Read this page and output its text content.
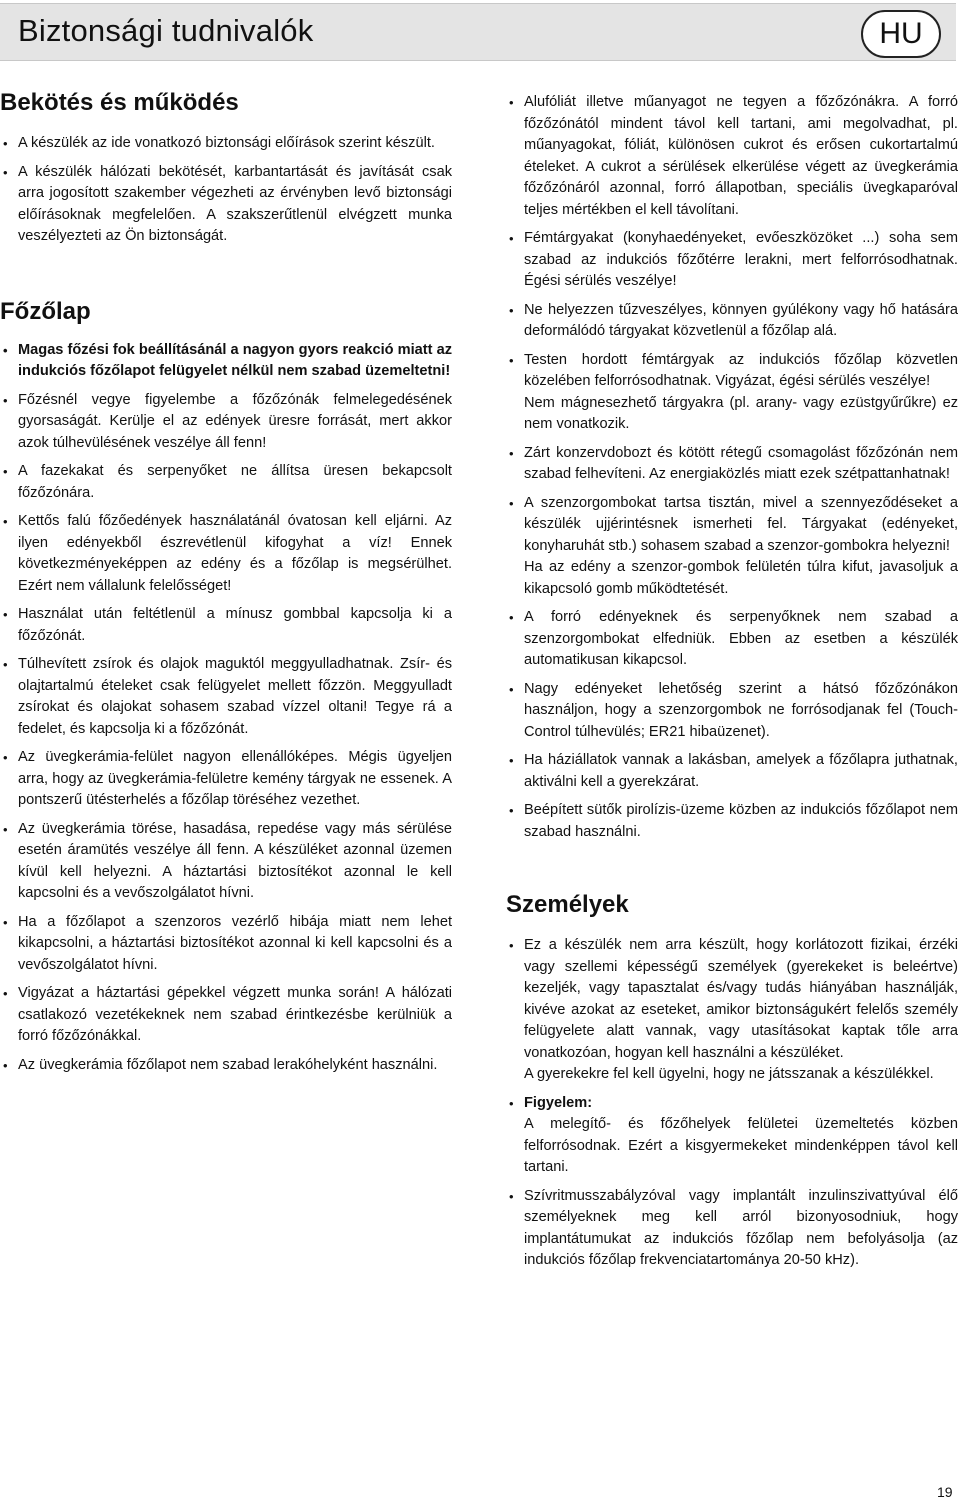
Biztonsági tudnivalók	HU
Bekötés és működés
• A készülék az ide vonatkozó biztonsági előírások szerint készült.
• A készülék hálózati bekötését, karbantartását és javítását csak arra jogosított szakember végezheti az érvényben levő biztonsági előírásoknak megfelelően. A szakszerűtlenül elvégzett munka veszélyezteti az Ön biztonságát.
Főzőlap
• Magas főzési fok beállításánál a nagyon gyors reakció miatt az indukciós főzőlapot felügyelet nélkül nem szabad üzemeltetni!
• Főzésnél vegye figyelembe a főzőzónák felmelegedésének gyorsaságát. Kerülje el az edények üresre forrását, mert akkor azok túlhevülésének veszélye áll fenn!
• A fazekakat és serpenyőket ne állítsa üresen bekapcsolt főzőzónára.
• Kettős falú főzőedények használatánál óvatosan kell eljárni. Az ilyen edényekből észrevétlenül kifogyhat a víz! Ennek következményeképpen az edény és a főzőlap is megsérülhet. Ezért nem vállalunk felelősséget!
• Használat után feltétlenül a mínusz gombbal kapcsolja ki a főzőzónát.
• Túlhevített zsírok és olajok maguktól meggyulladhatnak. Zsír- és olajtartalmú ételeket csak felügyelet mellett főzzön. Meggyulladt zsírokat és olajokat sohasem szabad vízzel oltani! Tegye rá a fedelet, és kapcsolja ki a főzőzónát.
• Az üvegkerámia-felület nagyon ellenállóképes. Mégis ügyeljen arra, hogy az üvegkerámia-felületre kemény tárgyak ne essenek. A pontszerű ütésterhelés a főzőlap töréséhez vezethet.
• Az üvegkerámia törése, hasadása, repedése vagy más sérülése esetén áramütés veszélye áll fenn. A készüléket azonnal üzemen kívül kell helyezni. A háztartási biztosítékot azonnal le kell kapcsolni és a vevőszolgálatot hívni.
• Ha a főzőlapot a szenzoros vezérlő hibája miatt nem lehet kikapcsolni, a háztartási biztosítékot azonnal ki kell kapcsolni és a vevőszolgálatot hívni.
• Vigyázat a háztartási gépekkel végzett munka során! A hálózati csatlakozó vezetékeknek nem szabad érintkezésbe kerülniük a forró főzőzónákkal.
• Az üvegkerámia főzőlapot nem szabad lerakóhelyként használni.
• Alufóliát illetve műanyagot ne tegyen a főzőzónákra. A forró főzőzónától mindent távol kell tartani, ami megolvadhat, pl. műanyagokat, fóliát, különösen cukrot és erősen cukortartalmú ételeket. A cukrot a sérülések elkerülése végett az üvegkerámia főzőzónáról azonnal, forró állapotban, speciális üvegkaparóval teljes mértékben el kell távolítani.
• Fémtárgyakat (konyhaedényeket, evőeszközöket ...) soha sem szabad az indukciós főzőtérre lerakni, mert felforrósodhatnak. Égési sérülés veszélye!
• Ne helyezzen tűzveszélyes, könnyen gyúlékony vagy hő hatására deformálódó tárgyakat közvetlenül a főzőlap alá.
• Testen hordott fémtárgyak az indukciós főzőlap közvetlen közelében felforrósodhatnak. Vigyázat, égési sérülés veszélye!
Nem mágnesezhető tárgyakra (pl. arany- vagy ezüstgyűrűkre) ez nem vonatkozik.
• Zárt konzervdobozt és kötött rétegű csomagolást főzőzónán nem szabad felhevíteni. Az energiaközlés miatt ezek szétpattanhatnak!
• A szenzorgombokat tartsa tisztán, mivel a szennyeződéseket a készülék ujjérintésnek ismerheti fel. Tárgyakat (edényeket, konyharuhát stb.) sohasem szabad a szenzor-gombokra helyezni!
Ha az edény a szenzor-gombok felületén túlra kifut, javasoljuk a kikapcsoló gomb működtetését.
• A forró edényeknek és serpenyőknek nem szabad a szenzorgombokat elfedniük. Ebben az esetben a készülék automatikusan kikapcsol.
• Nagy edényeket lehetőség szerint a hátsó főzőzónákon használjon, hogy a szenzorgombok ne forrósodjanak fel (Touch-Control túlhevülés; ER21 hibaüzenet).
• Ha háziállatok vannak a lakásban, amelyek a főzőlapra juthatnak, aktiválni kell a gyerekzárat.
• Beépített sütők pirolízis-üzeme közben az indukciós főzőlapot nem szabad használni.
Személyek
• Ez a készülék nem arra készült, hogy korlátozott fizikai, érzéki vagy szellemi képességű személyek (gyerekeket is beleértve) kezeljék, vagy tapasztalat és/vagy tudás hiányában használják, kivéve azokat az eseteket, amikor biztonságukért felelős személy felügyelete alatt vannak, vagy utasításokat kaptak tőle arra vonatkozóan, hogyan kell használni a készüléket.
A gyerekekre fel kell ügyelni, hogy ne játsszanak a készülékkel.
• Figyelem:
A melegítő- és főzőhelyek felületei üzemeltetés közben felforrósodnak. Ezért a kisgyermekeket mindenképpen távol kell tartani.
• Szívritmusszabályzóval vagy implantált inzulinszivattyúval élő személyeknek meg kell arról bizonyosodniuk, hogy implantátumukat az indukciós főzőlap nem befolyásolja (az indukciós főzőlap frekvenciatartománya 20-50 kHz).
19
